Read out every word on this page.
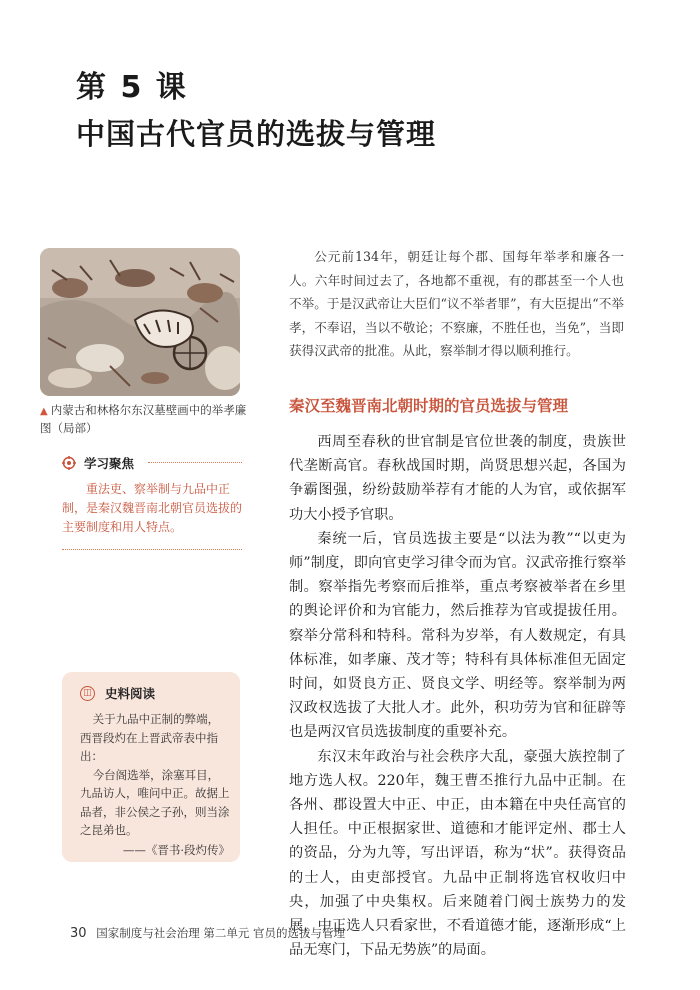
第 5 课
中国古代官员的选拔与管理
▲ 内蒙古和林格尔东汉墓壁画中的举孝廉图（局部）
学习聚焦
重法吏、察举制与九品中正制，是秦汉魏晋南北朝官员选拔的主要制度和用人特点。
◫ 史料阅读

关于九品中正制的弊端，西晋段灼在上晋武帝表中指出：

今台阁选举，涂塞耳目，九品访人，唯问中正。故据上品者，非公侯之子孙，则当涂之昆弟也。

——《晋书·段灼传》

公元前134年，朝廷让每个郡、国每年举孝和廉各一人。六年时间过去了，各地都不重视，有的郡甚至一个人也不举。于是汉武帝让大臣们“议不举者罪”，有大臣提出“不举孝，不奉诏，当以不敬论；不察廉，不胜任也，当免”，当即获得汉武帝的批准。从此，察举制才得以顺利推行。

秦汉至魏晋南北朝时期的官员选拔与管理

西周至春秋的世官制是官位世袭的制度，贵族世代垄断高官。春秋战国时期，尚贤思想兴起，各国为争霸图强，纷纷鼓励举荐有才能的人为官，或依据军功大小授予官职。

秦统一后，官员选拔主要是“以法为教”“以吏为师”制度，即向官吏学习律令而为官。汉武帝推行察举制。察举指先考察而后推举，重点考察被举者在乡里的舆论评价和为官能力，然后推荐为官或提拔任用。察举分常科和特科。常科为岁举，有人数规定，有具体标准，如孝廉、茂才等；特科有具体标准但无固定时间，如贤良方正、贤良文学、明经等。察举制为两汉政权选拔了大批人才。此外，积功劳为官和征辟等也是两汉官员选拔制度的重要补充。

东汉末年政治与社会秩序大乱，豪强大族控制了地方选人权。220年，魏王曹丕推行九品中正制。在各州、郡设置大中正、中正，由本籍在中央任高官的人担任。中正根据家世、道德和才能评定州、郡士人的资品，分为九等，写出评语，称为“状”。获得资品的士人，由吏部授官。九品中正制将选官权收归中央，加强了中央集权。后来随着门阀士族势力的发展，中正选人只看家世，不看道德才能，逐渐形成“上品无寒门，下品无势族”的局面。

30 国家制度与社会治理 第二单元 官员的选拔与管理
